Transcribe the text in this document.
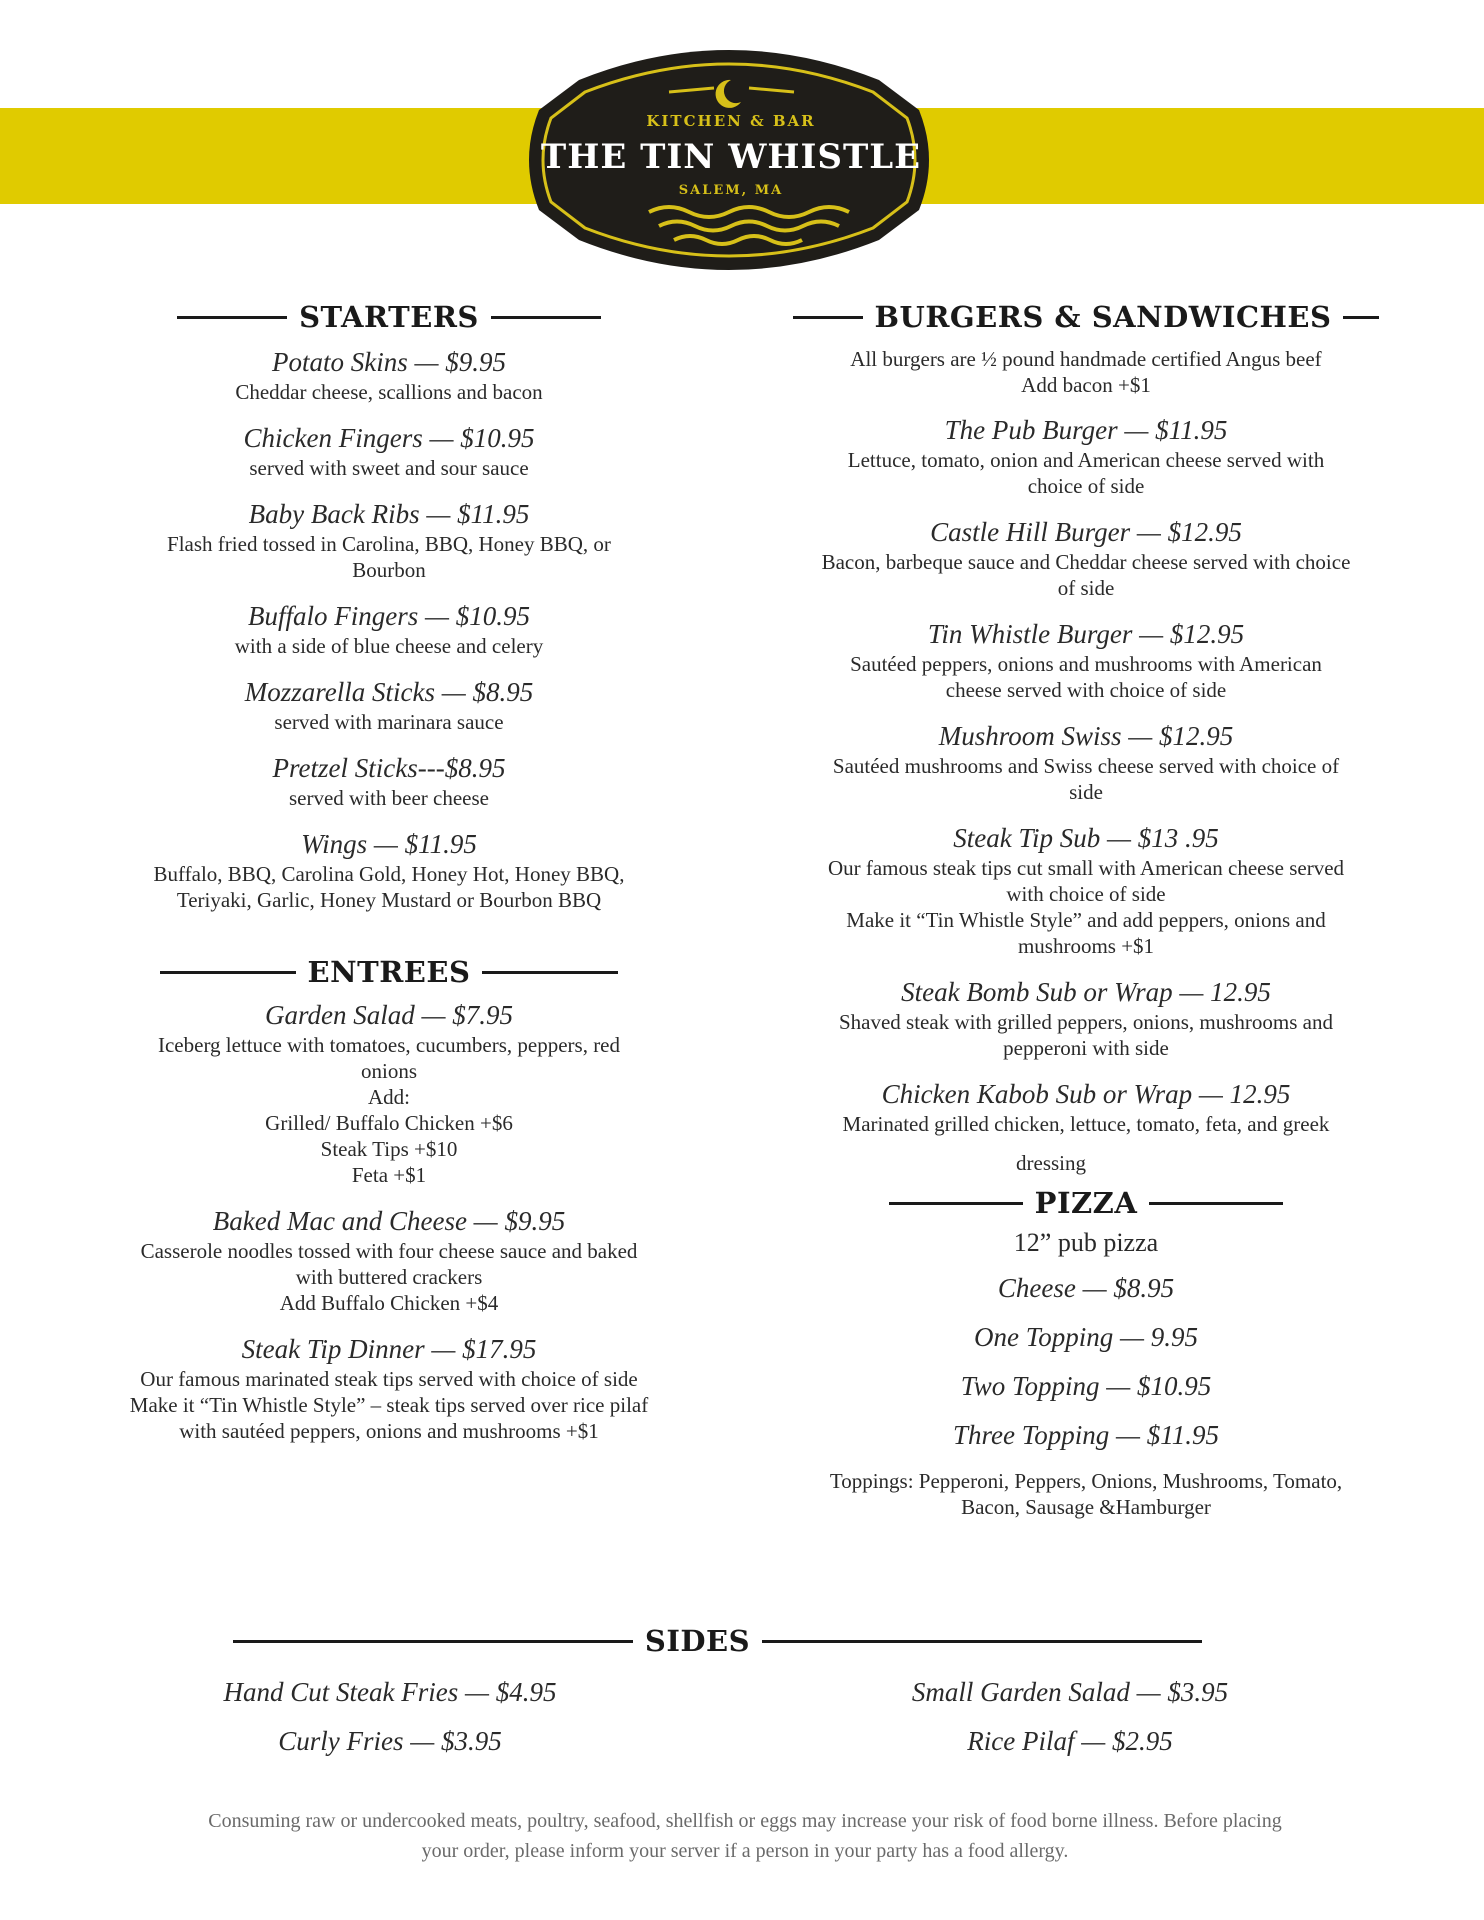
KITCHEN & BAR
THE TIN WHISTLE
SALEM, MA
STARTERS
Potato Skins — $9.95
Cheddar cheese, scallions and bacon
Chicken Fingers — $10.95
served with sweet and sour sauce
Baby Back Ribs — $11.95
Flash fried tossed in Carolina, BBQ, Honey BBQ, or
Bourbon
Buffalo Fingers — $10.95
with a side of blue cheese and celery
Mozzarella Sticks — $8.95
served with marinara sauce
Pretzel Sticks---$8.95
served with beer cheese
Wings — $11.95
Buffalo, BBQ, Carolina Gold, Honey Hot, Honey BBQ,
Teriyaki, Garlic, Honey Mustard or Bourbon BBQ
ENTREES
Garden Salad — $7.95
Iceberg lettuce with tomatoes, cucumbers, peppers, red
onions
Add:
Grilled/ Buffalo Chicken +$6
Steak Tips +$10
Feta +$1
Baked Mac and Cheese — $9.95
Casserole noodles tossed with four cheese sauce and baked
with buttered crackers
Add Buffalo Chicken +$4
Steak Tip Dinner — $17.95
Our famous marinated steak tips served with choice of side
Make it “Tin Whistle Style” – steak tips served over rice pilaf
with sautéed peppers, onions and mushrooms +$1
BURGERS & SANDWICHES
All burgers are ½ pound handmade certified Angus beef
Add bacon +$1
The Pub Burger — $11.95
Lettuce, tomato, onion and American cheese served with
choice of side
Castle Hill Burger — $12.95
Bacon, barbeque sauce and Cheddar cheese served with choice
of side
Tin Whistle Burger — $12.95
Sautéed peppers, onions and mushrooms with American
cheese served with choice of side
Mushroom Swiss — $12.95
Sautéed mushrooms and Swiss cheese served with choice of
side
Steak Tip Sub — $13 .95
Our famous steak tips cut small with American cheese served
with choice of side
Make it “Tin Whistle Style” and add peppers, onions and
mushrooms +$1
Steak Bomb Sub or Wrap — 12.95
Shaved steak with grilled peppers, onions, mushrooms and
pepperoni with side
Chicken Kabob Sub or Wrap — 12.95
Marinated grilled chicken, lettuce, tomato, feta, and greek
dressing
PIZZA
12” pub pizza
Cheese — $8.95
One Topping — 9.95
Two Topping — $10.95
Three Topping — $11.95
Toppings: Pepperoni, Peppers, Onions, Mushrooms, Tomato,
Bacon, Sausage &Hamburger
SIDES
Hand Cut Steak Fries — $4.95
Curly Fries — $3.95
Small Garden Salad — $3.95
Rice Pilaf — $2.95
Consuming raw or undercooked meats, poultry, seafood, shellfish or eggs may increase your risk of food borne illness. Before placing
your order, please inform your server if a person in your party has a food allergy.
